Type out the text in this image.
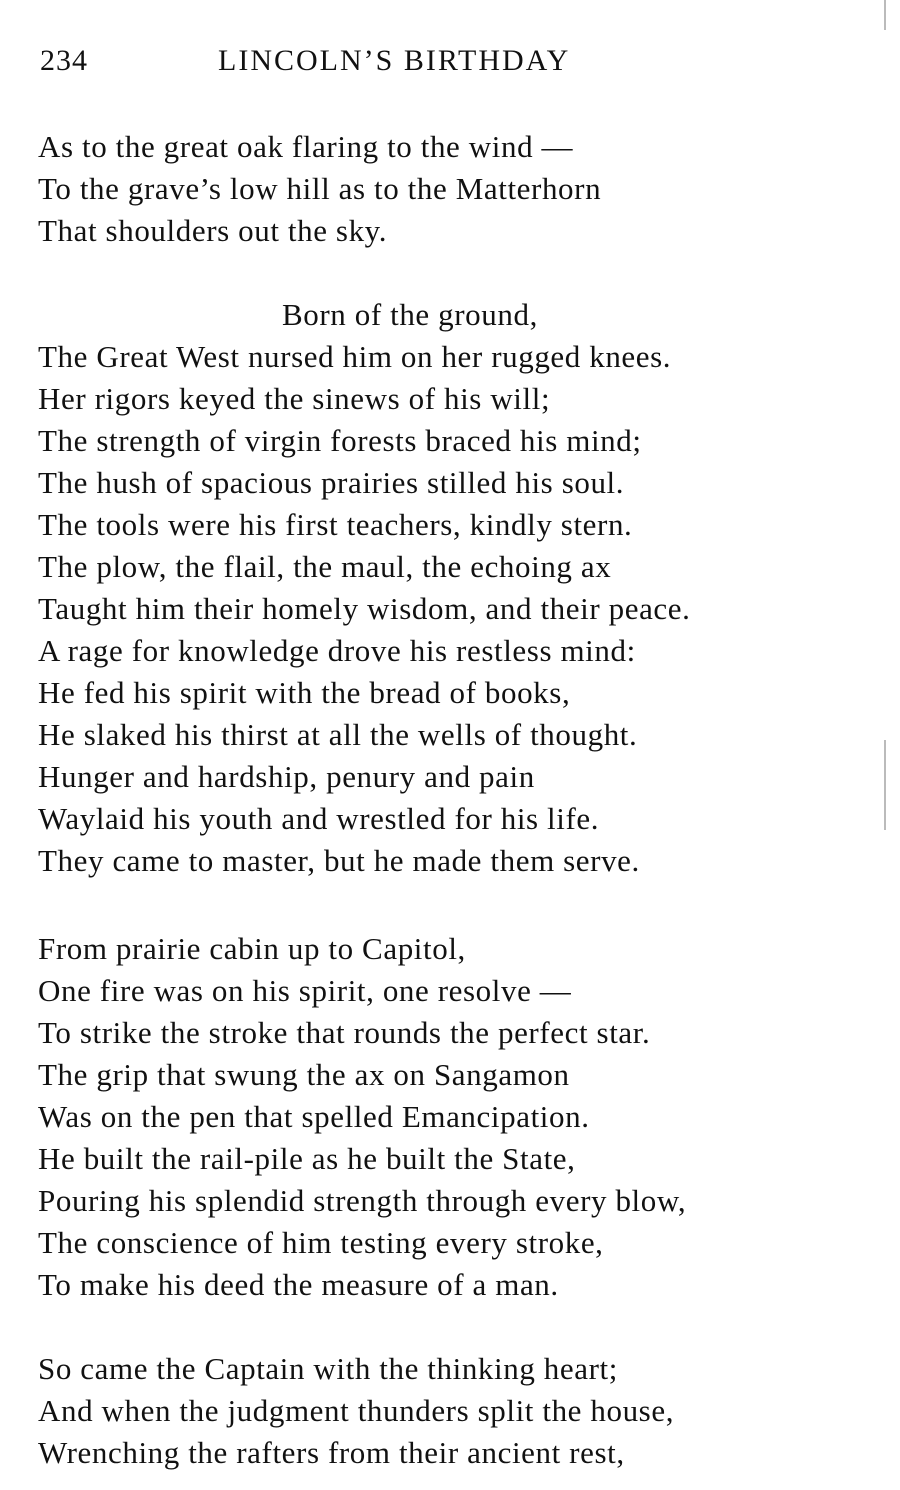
234	LINCOLN’S BIRTHDAY
As to the great oak flaring to the wind —
To the grave’s low hill as to the Matterhorn
That shoulders out the sky.
Born of the ground,
The Great West nursed him on her rugged knees.
Her rigors keyed the sinews of his will;
The strength of virgin forests braced his mind;
The hush of spacious prairies stilled his soul.
The tools were his first teachers, kindly stern.
The plow, the flail, the maul, the echoing ax
Taught him their homely wisdom, and their peace.
A rage for knowledge drove his restless mind:
He fed his spirit with the bread of books,
He slaked his thirst at all the wells of thought.
Hunger and hardship, penury and pain
Waylaid his youth and wrestled for his life.
They came to master, but he made them serve.
From prairie cabin up to Capitol,
One fire was on his spirit, one resolve —
To strike the stroke that rounds the perfect star.
The grip that swung the ax on Sangamon
Was on the pen that spelled Emancipation.
He built the rail-pile as he built the State,
Pouring his splendid strength through every blow,
The conscience of him testing every stroke,
To make his deed the measure of a man.
So came the Captain with the thinking heart;
And when the judgment thunders split the house,
Wrenching the rafters from their ancient rest,
